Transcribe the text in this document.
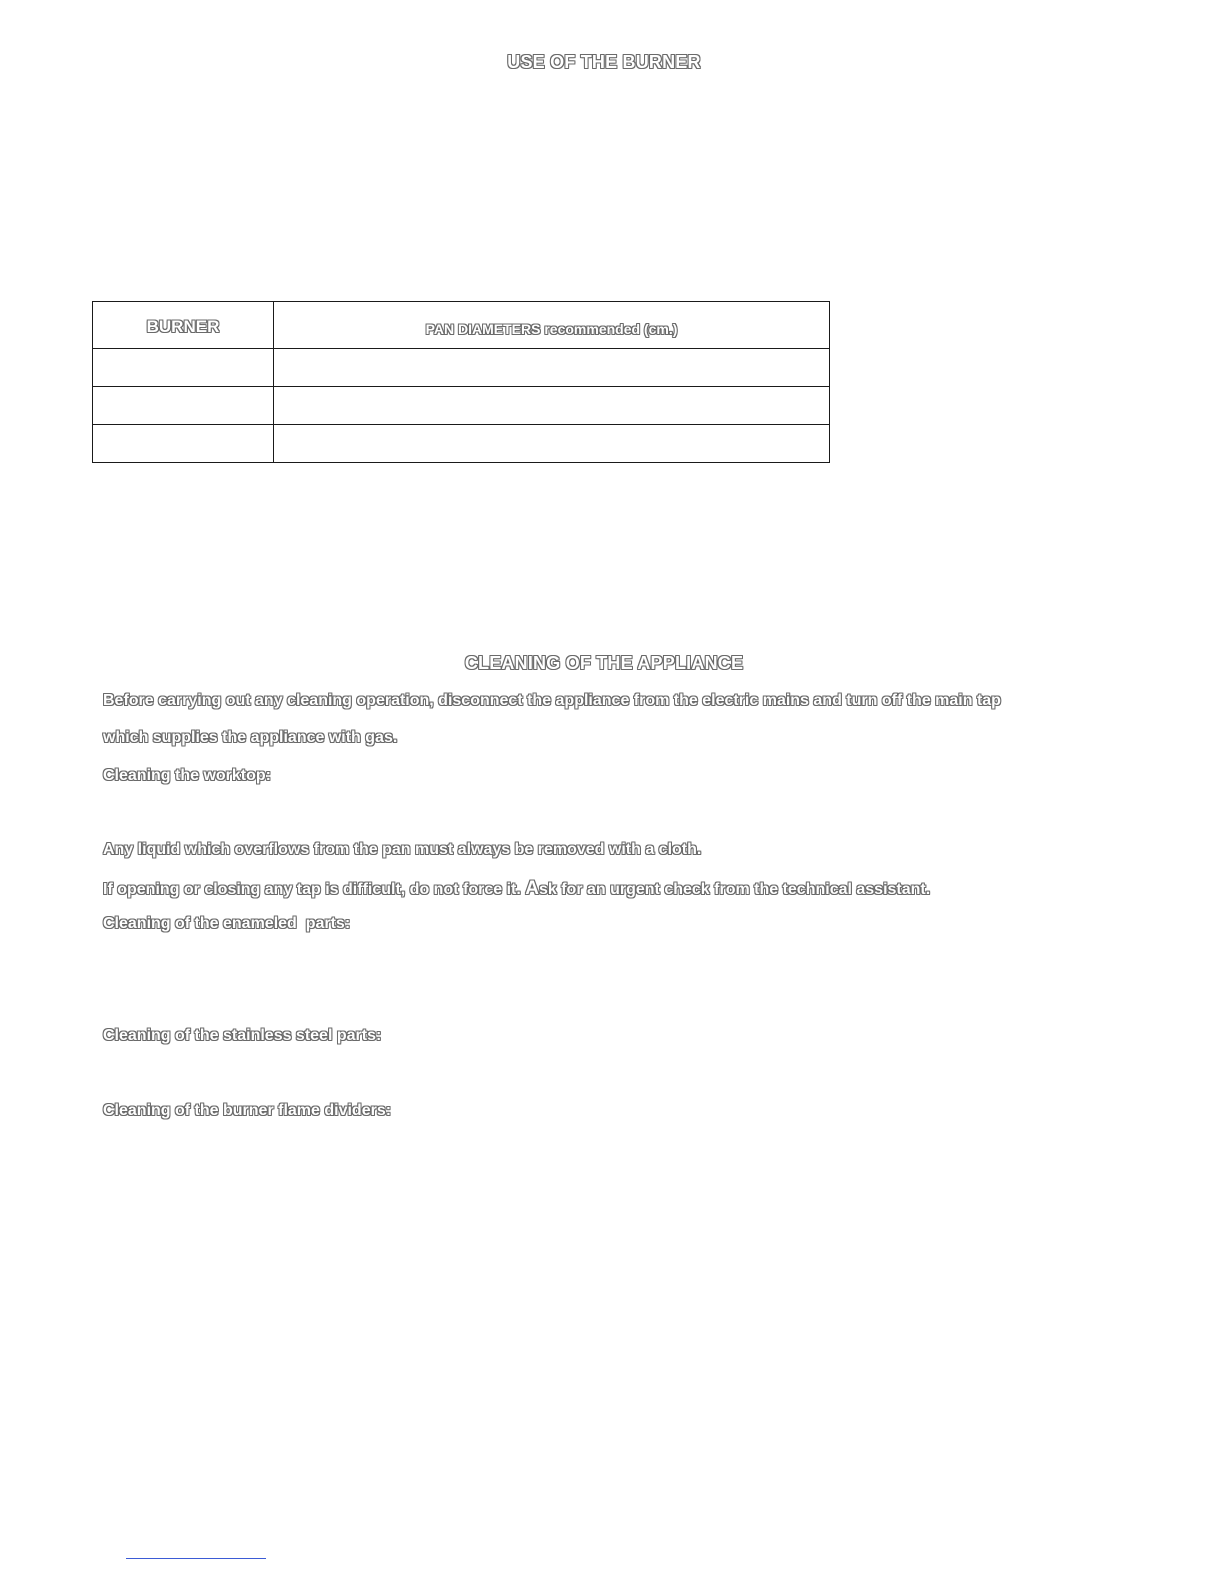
USE OF THE BURNER
BURNER	PAN DIAMETERS recommended (cm.)

CLEANING OF THE APPLIANCE
Before carrying out any cleaning operation, disconnect the appliance from the electric mains and turn off the main tap
which supplies the appliance with gas.
Cleaning the worktop:
Any liquid which overflows from the pan must always be removed with a cloth.
If opening or closing any tap is difficult, do not force it. Ask for an urgent check from the technical assistant.
Cleaning of the enameled  parts:
Cleaning of the stainless steel parts:
Cleaning of the burner flame dividers:
